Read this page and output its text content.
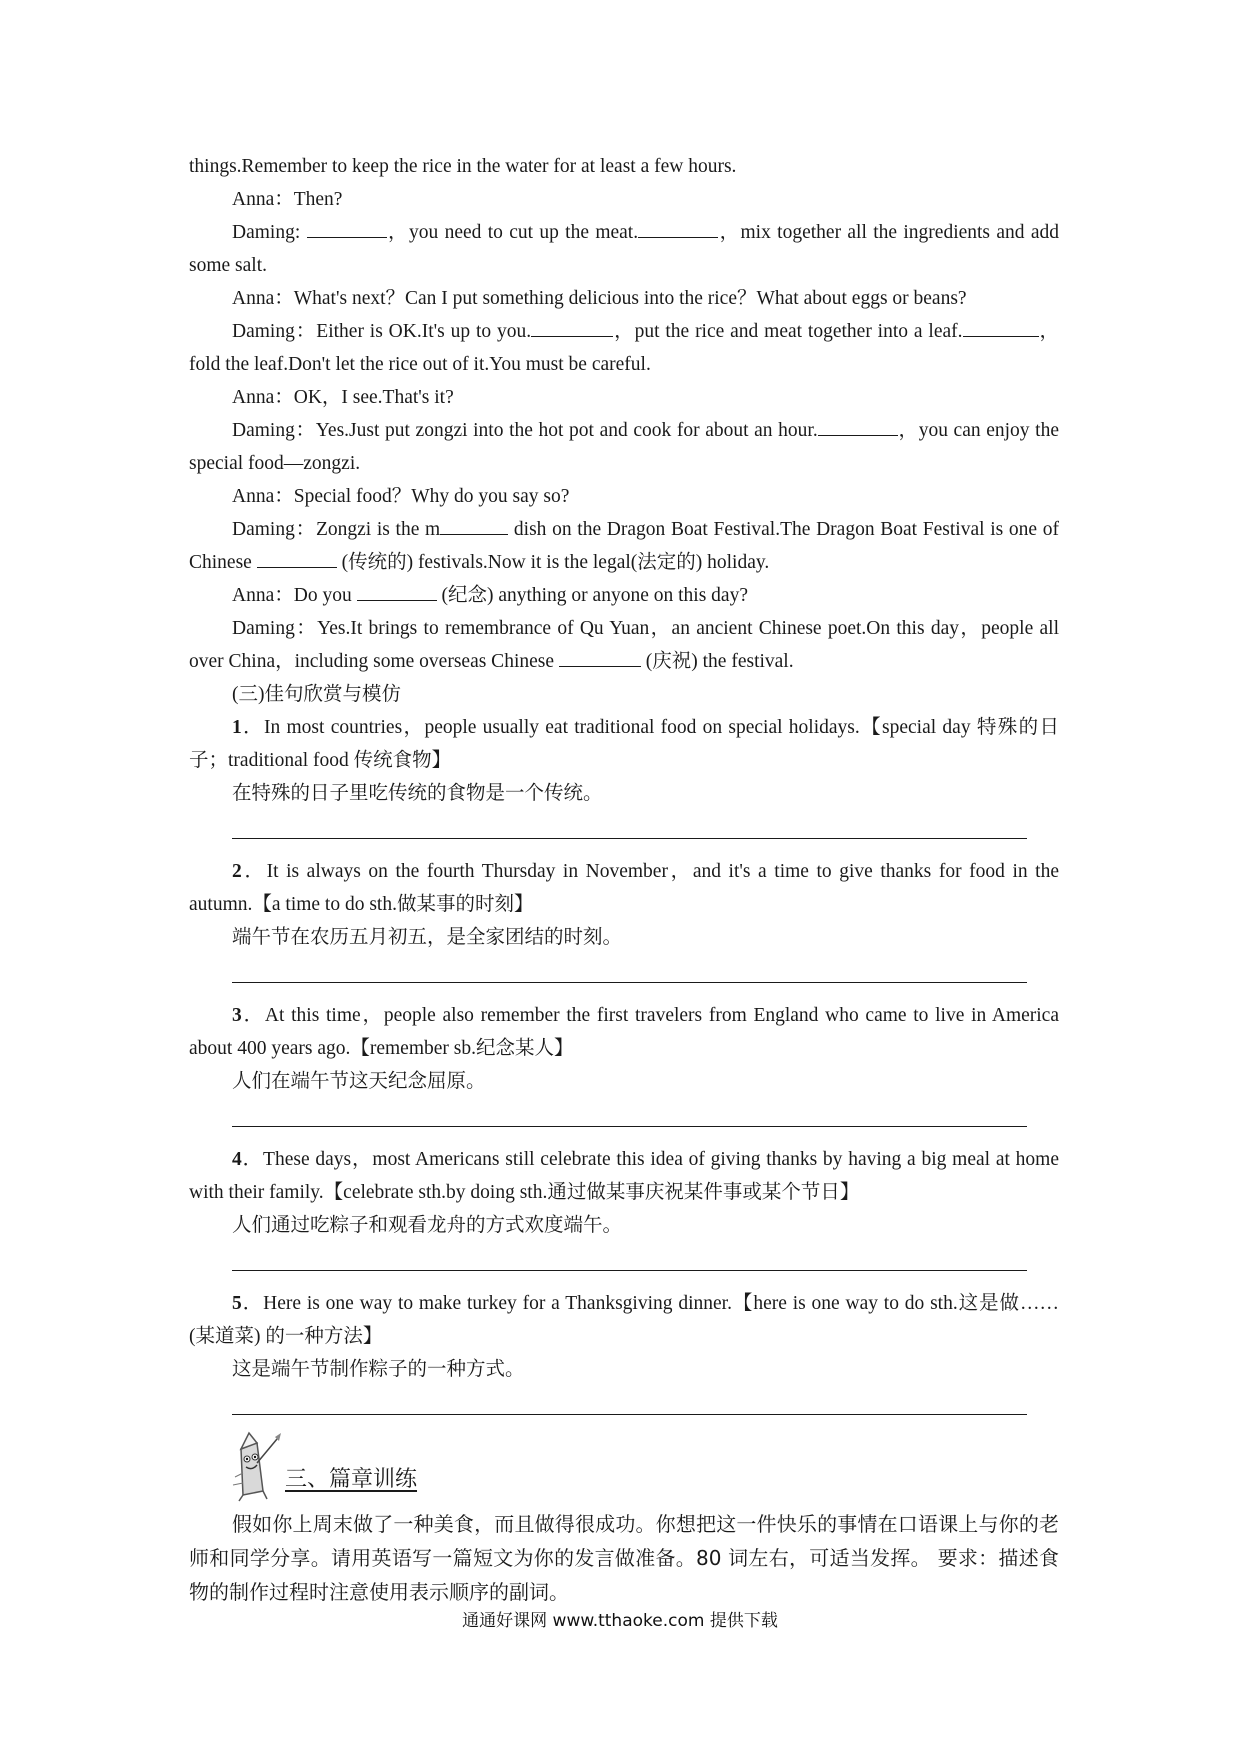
things.Remember to keep the rice in the water for at least a few hours.

Anna：Then?

Daming:	，you need to cut up the meat.	，mix together all the ingredients and add some salt.

Anna：What's next？Can I put something delicious into the rice？What about eggs or beans?

Daming：Either is OK.It's up to you.	，put the rice and meat together into a leaf.	，fold the leaf.Don't let the rice out of it.You must be careful.

Anna：OK，I see.That's it?

Daming：Yes.Just put zongzi into the hot pot and cook for about an hour.	，you can enjoy the special food—zongzi.

Anna：Special food？Why do you say so?

Daming：Zongzi is the m	dish on the Dragon Boat Festival.The Dragon Boat Festival is one of Chinese	(传统的) festivals.Now it is the legal(法定的) holiday.

Anna：Do you	(纪念) anything or anyone on this day?

Daming：Yes.It brings to remembrance of Qu Yuan，an ancient Chinese poet.On this day，people all over China，including some overseas Chinese	(庆祝) the festival.

(三)佳句欣赏与模仿

1．In most countries，people usually eat traditional food on special holidays.【special day 特殊的日子；traditional food 传统食物】

在特殊的日子里吃传统的食物是一个传统。

2．It is always on the fourth Thursday in November，and it's a time to give thanks for food in the autumn.【a time to do sth.做某事的时刻】

端午节在农历五月初五，是全家团结的时刻。

3．At this time，people also remember the first travelers from England who came to live in America about 400 years ago.【remember sb.纪念某人】

人们在端午节这天纪念屈原。

4．These days，most Americans still celebrate this idea of giving thanks by having a big meal at home with their family.【celebrate sth.by doing sth.通过做某事庆祝某件事或某个节日】

人们通过吃粽子和观看龙舟的方式欢度端午。

5．Here is one way to make turkey for a Thanksgiving dinner.【here is one way to do sth.这是做……(某道菜) 的一种方法】

这是端午节制作粽子的一种方式。

三、篇章训练

假如你上周末做了一种美食，而且做得很成功。你想把这一件快乐的事情在口语课上与你的老师和同学分享。请用英语写一篇短文为你的发言做准备。80 词左右，可适当发挥。 要求：描述食物的制作过程时注意使用表示顺序的副词。

通通好课网 www.tthaoke.com 提供下载
